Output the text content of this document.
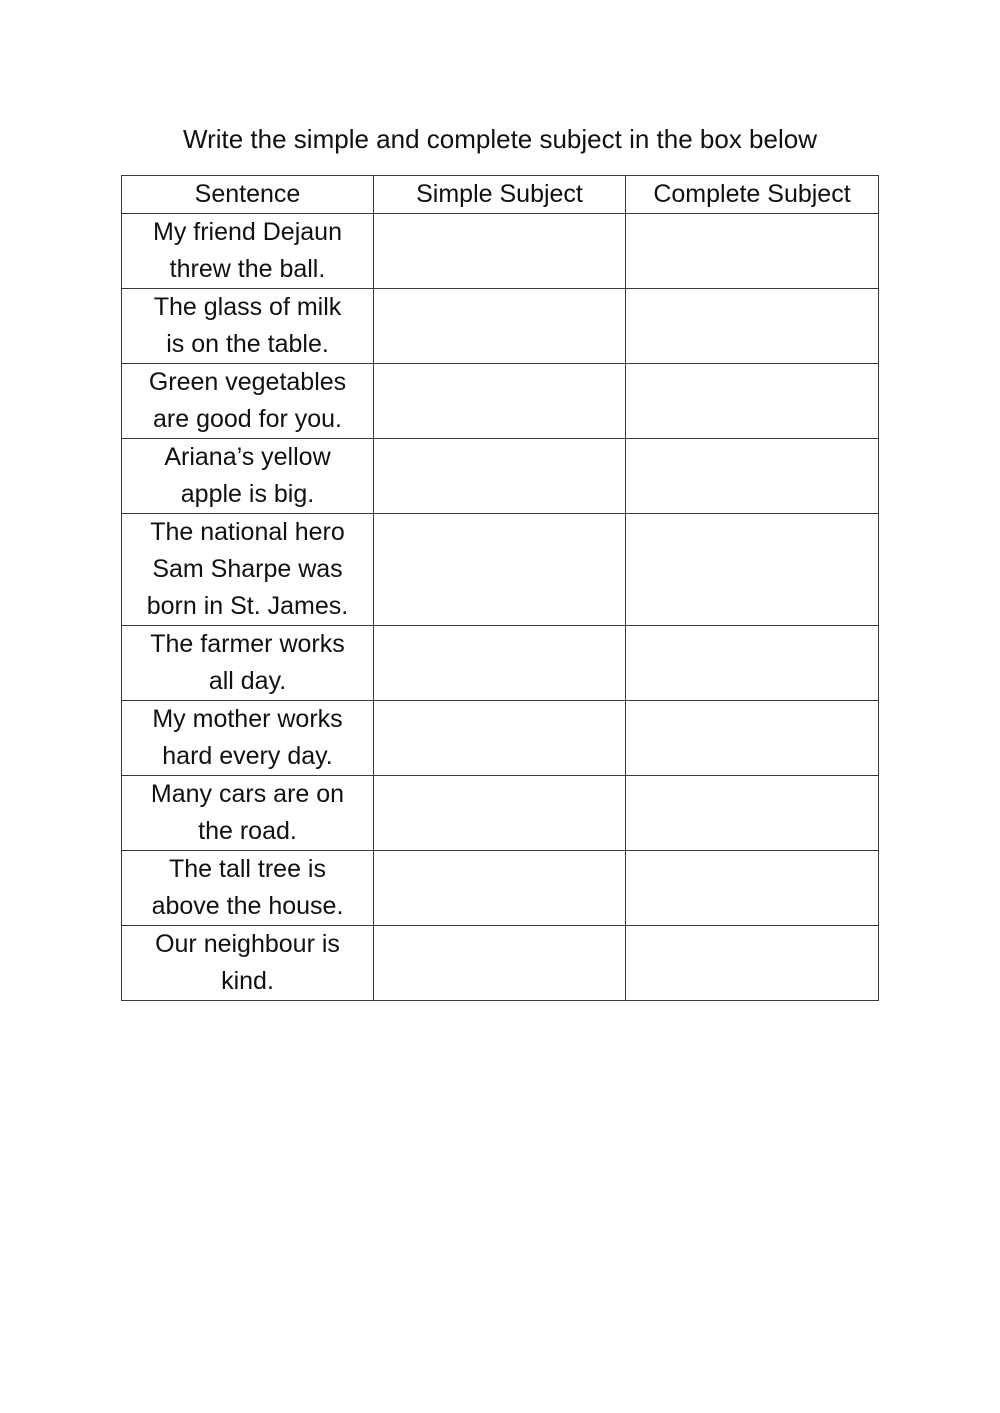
Write the simple and complete subject in the box below
Sentence	Simple Subject	Complete Subject

My friend Dejaun
threw the ball.		

The glass of milk
is on the table.		

Green vegetables
are good for you.		

Ariana’s yellow
apple is big.		

The national hero
Sam Sharpe was
born in St. James.		

The farmer works
all day.		

My mother works
hard every day.		

Many cars are on
the road.		

The tall tree is
above the house.		

Our neighbour is
kind.		
